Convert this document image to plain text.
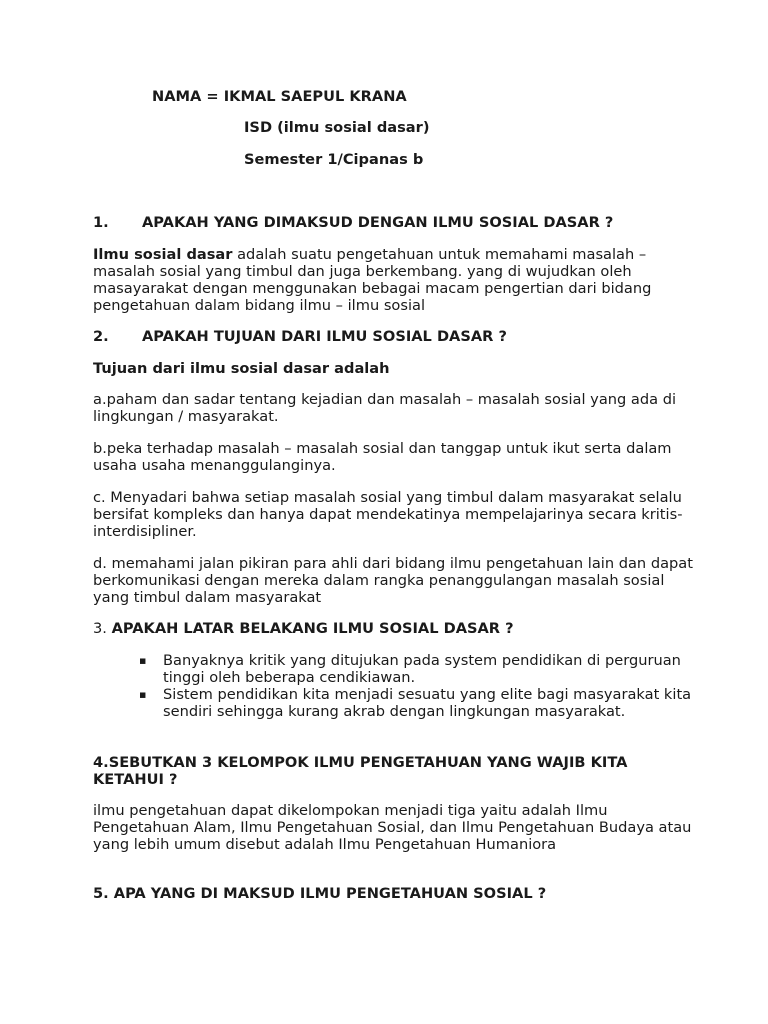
NAMA = IKMAL SAEPUL KRANA
ISD (ilmu sosial dasar)
Semester 1/Cipanas b
1. APAKAH YANG DIMAKSUD DENGAN ILMU SOSIAL DASAR ?

Ilmu sosial dasar adalah suatu pengetahuan untuk memahami masalah – masalah sosial yang timbul dan juga berkembang. yang di wujudkan oleh masayarakat dengan menggunakan bebagai macam pengertian dari bidang pengetahuan dalam bidang ilmu – ilmu sosial

2. APAKAH TUJUAN DARI ILMU SOSIAL DASAR ?

Tujuan dari ilmu sosial dasar adalah

a.paham dan sadar tentang kejadian dan masalah – masalah sosial yang ada di lingkungan / masyarakat.

b.peka terhadap masalah – masalah sosial dan tanggap untuk ikut serta dalam usaha usaha menanggulanginya.

c. Menyadari bahwa setiap masalah sosial yang timbul dalam masyarakat selalu bersifat kompleks dan hanya dapat mendekatinya mempelajarinya secara kritis-interdisipliner.

d. memahami jalan pikiran para ahli dari bidang ilmu pengetahuan lain dan dapat berkomunikasi dengan mereka dalam rangka penanggulangan masalah sosial yang timbul dalam masyarakat

3. APAKAH LATAR BELAKANG ILMU SOSIAL DASAR ?
▪ Banyaknya kritik yang ditujukan pada system pendidikan di perguruan tinggi oleh beberapa cendikiawan.
▪ Sistem pendidikan kita menjadi sesuatu yang elite bagi masyarakat kita sendiri sehingga kurang akrab dengan lingkungan masyarakat.

4.SEBUTKAN 3 KELOMPOK ILMU PENGETAHUAN YANG WAJIB KITA KETAHUI ?

ilmu pengetahuan dapat dikelompokan menjadi tiga yaitu adalah Ilmu Pengetahuan Alam, Ilmu Pengetahuan Sosial, dan Ilmu Pengetahuan Budaya atau yang lebih umum disebut adalah Ilmu Pengetahuan Humaniora

5. APA YANG DI MAKSUD ILMU PENGETAHUAN SOSIAL ?
